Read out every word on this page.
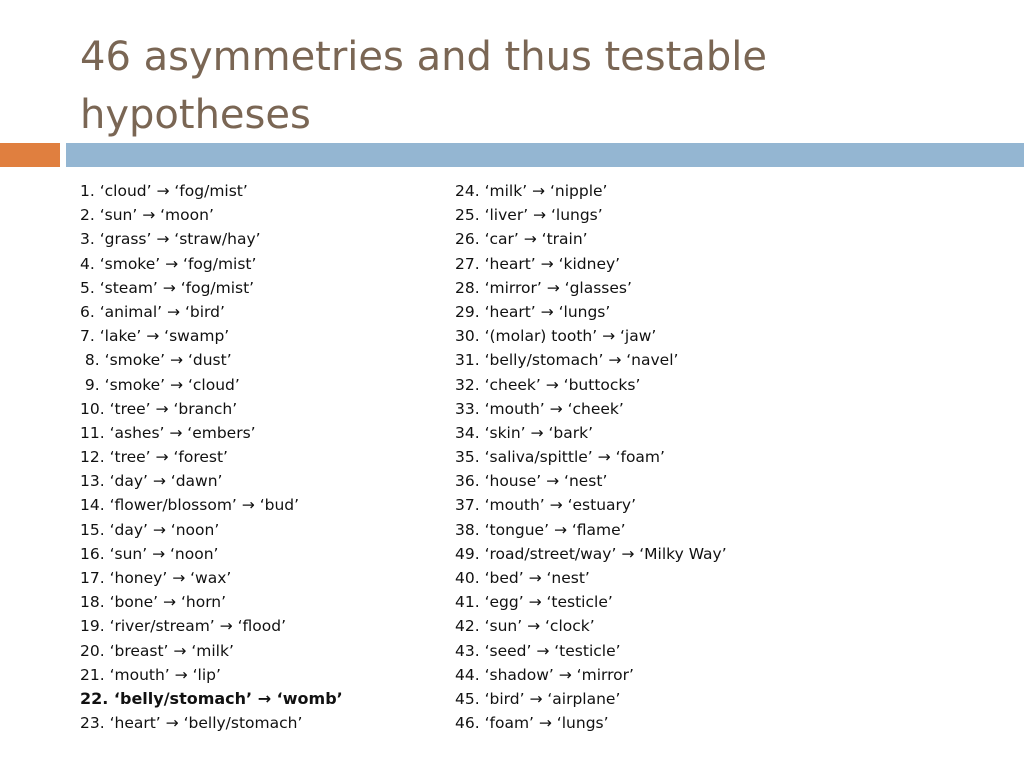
46 asymmetries and thus testable hypotheses
1. ‘cloud’ → ‘fog/mist’
2. ‘sun’ → ‘moon’
3. ‘grass’ → ‘straw/hay’
4. ‘smoke’ → ‘fog/mist’
5. ‘steam’ → ‘fog/mist’
6. ‘animal’ → ‘bird’
7. ‘lake’ → ‘swamp’
8. ‘smoke’ → ‘dust’
9. ‘smoke’ → ‘cloud’
10. ‘tree’ → ‘branch’
11. ‘ashes’ → ‘embers’
12. ‘tree’ → ‘forest’
13. ‘day’ → ‘dawn’
14. ‘flower/blossom’ → ‘bud’
15. ‘day’ → ‘noon’
16. ‘sun’ → ‘noon’
17. ‘honey’ → ‘wax’
18. ‘bone’ → ‘horn’
19. ‘river/stream’ → ‘flood’
20. ‘breast’ → ‘milk’
21. ‘mouth’ → ‘lip’
22. ‘belly/stomach’ → ‘womb’
23. ‘heart’ → ‘belly/stomach’
24. ‘milk’ → ‘nipple’
25. ‘liver’ → ‘lungs’
26. ‘car’ → ‘train’
27. ‘heart’ → ‘kidney’
28. ‘mirror’ → ‘glasses’
29. ‘heart’ → ‘lungs’
30. ‘(molar) tooth’ → ‘jaw’
31. ‘belly/stomach’ → ‘navel’
32. ‘cheek’ → ‘buttocks’
33. ‘mouth’ → ‘cheek’
34. ‘skin’ → ‘bark’
35. ‘saliva/spittle’ → ‘foam’
36. ‘house’ → ‘nest’
37. ‘mouth’ → ‘estuary’
38. ‘tongue’ → ‘flame’
49. ‘road/street/way’ → ‘Milky Way’
40. ‘bed’ → ‘nest’
41. ‘egg’ → ‘testicle’
42. ‘sun’ → ‘clock’
43. ‘seed’ → ‘testicle’
44. ‘shadow’ → ‘mirror’
45. ‘bird’ → ‘airplane’
46. ‘foam’ → ‘lungs’
